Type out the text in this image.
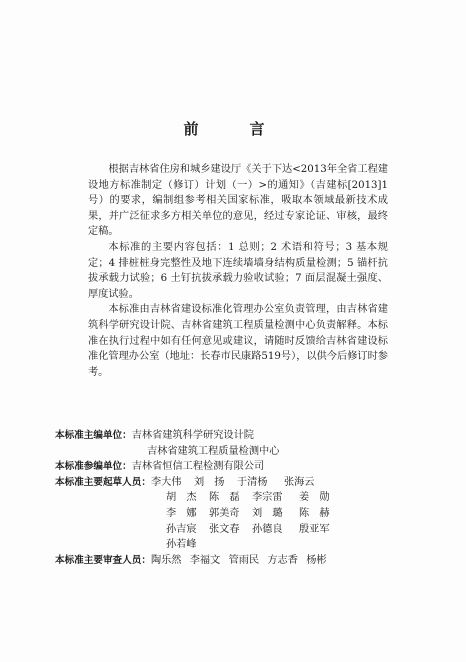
前　言

根据吉林省住房和城乡建设厅《关于下达<2013年全省工程建设地方标准制定（修订）计划（一）>的通知》（吉建标[2013]1号）的要求，编制组参考相关国家标准，吸取本领域最新技术成果，并广泛征求多方相关单位的意见，经过专家论证、审核，最终定稿。

本标准的主要内容包括：1 总则；2 术语和符号；3 基本规定；4 排桩桩身完整性及地下连续墙墙身结构质量检测；5 锚杆抗拔承载力试验；6 土钉抗拔承载力验收试验；7 面层混凝土强度、厚度试验。

本标准由吉林省建设标准化管理办公室负责管理，由吉林省建筑科学研究设计院、吉林省建筑工程质量检测中心负责解释。本标准在执行过程中如有任何意见或建议，请随时反馈给吉林省建设标准化管理办公室（地址：长春市民康路519号），以供今后修订时参考。

本标准主编单位： 吉林省建筑科学研究设计院
吉林省建筑工程质量检测中心
本标准参编单位： 吉林省恒信工程检测有限公司
本标准主要起草人员： 李大伟	刘　扬	于清杨	张海云
胡　杰	陈　磊	李宗雷	姜　勋
李　娜	郭美奇	刘　璐	陈　赫
孙吉宸	张文春	孙德良	殷亚军
孙若峰
本标准主要审查人员： 陶乐然 李福文 管雨民 方志香 杨彬
